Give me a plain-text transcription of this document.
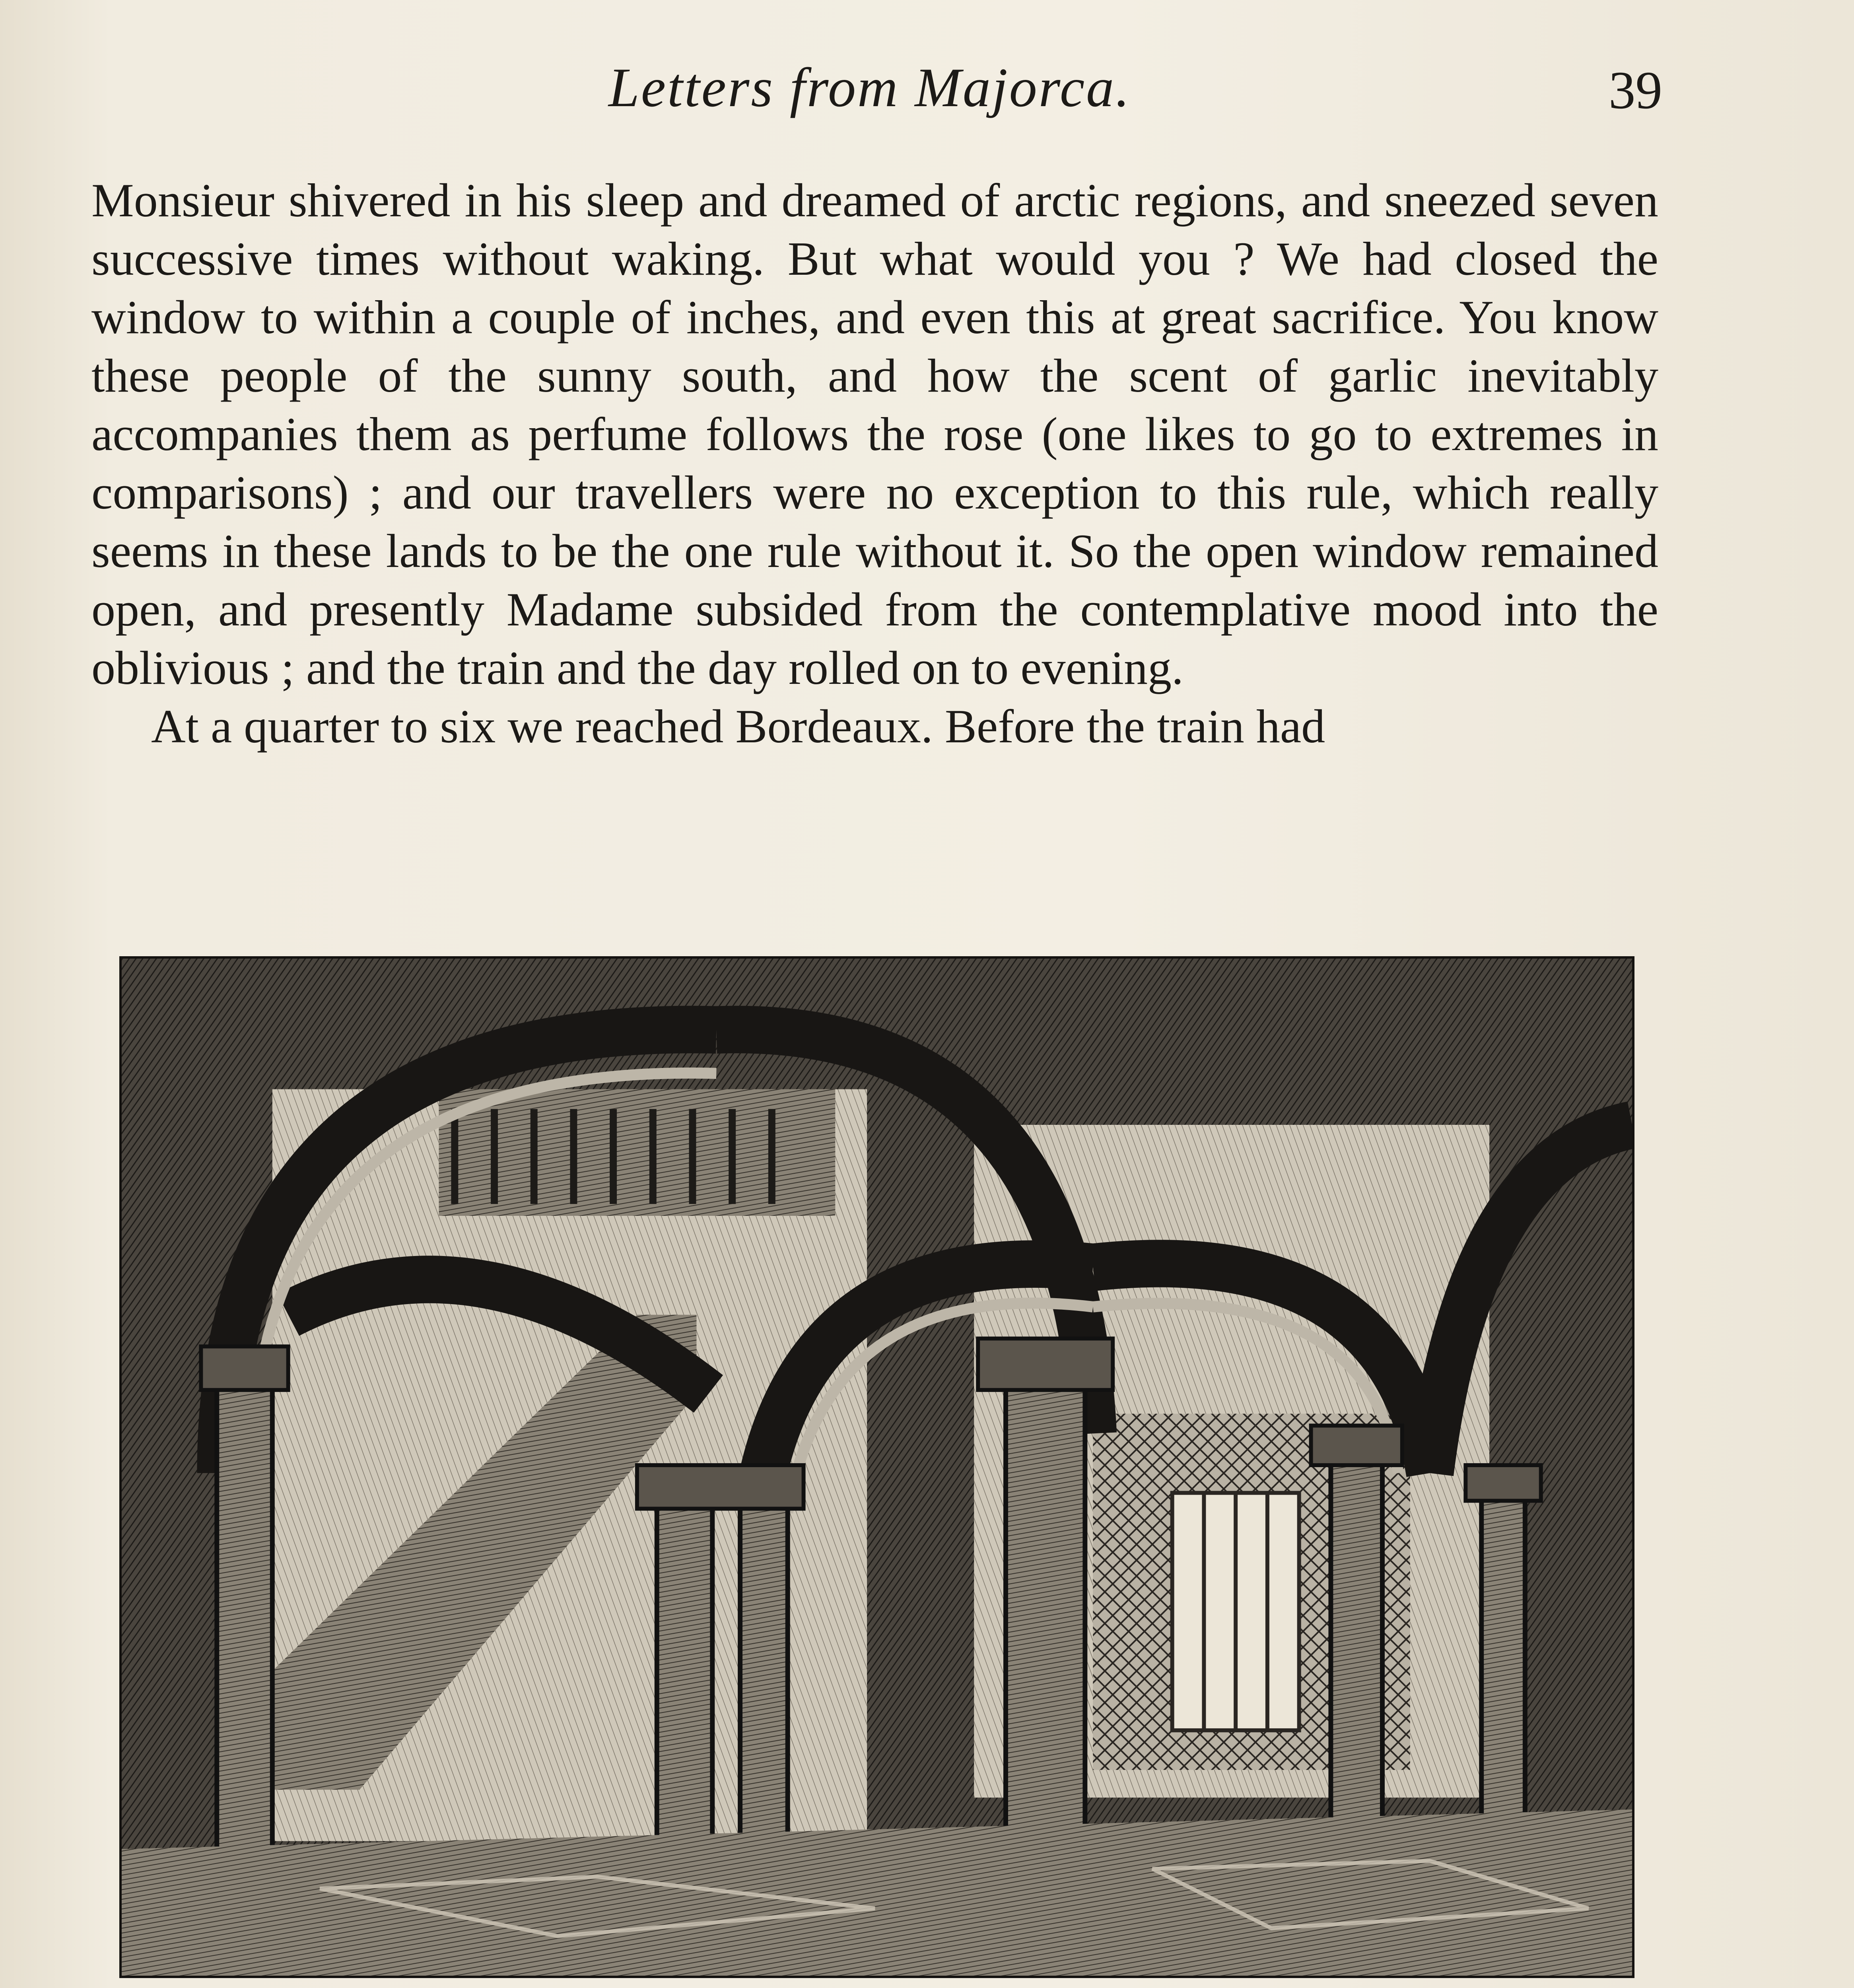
Letters from Majorca.	39

Monsieur shivered in his sleep and dreamed of arctic regions, and sneezed seven successive times without waking. But what would you ? We had closed the window to within a couple of inches, and even this at great sacrifice. You know these people of the sunny south, and how the scent of garlic inevitably accompanies them as perfume follows the rose (one likes to go to extremes in comparisons) ; and our travellers were no exception to this rule, which really seems in these lands to be the one rule without it. So the open window remained open, and presently Madame subsided from the contemplative mood into the oblivious ; and the train and the day rolled on to evening.

At a quarter to six we reached Bordeaux. Before the train had
